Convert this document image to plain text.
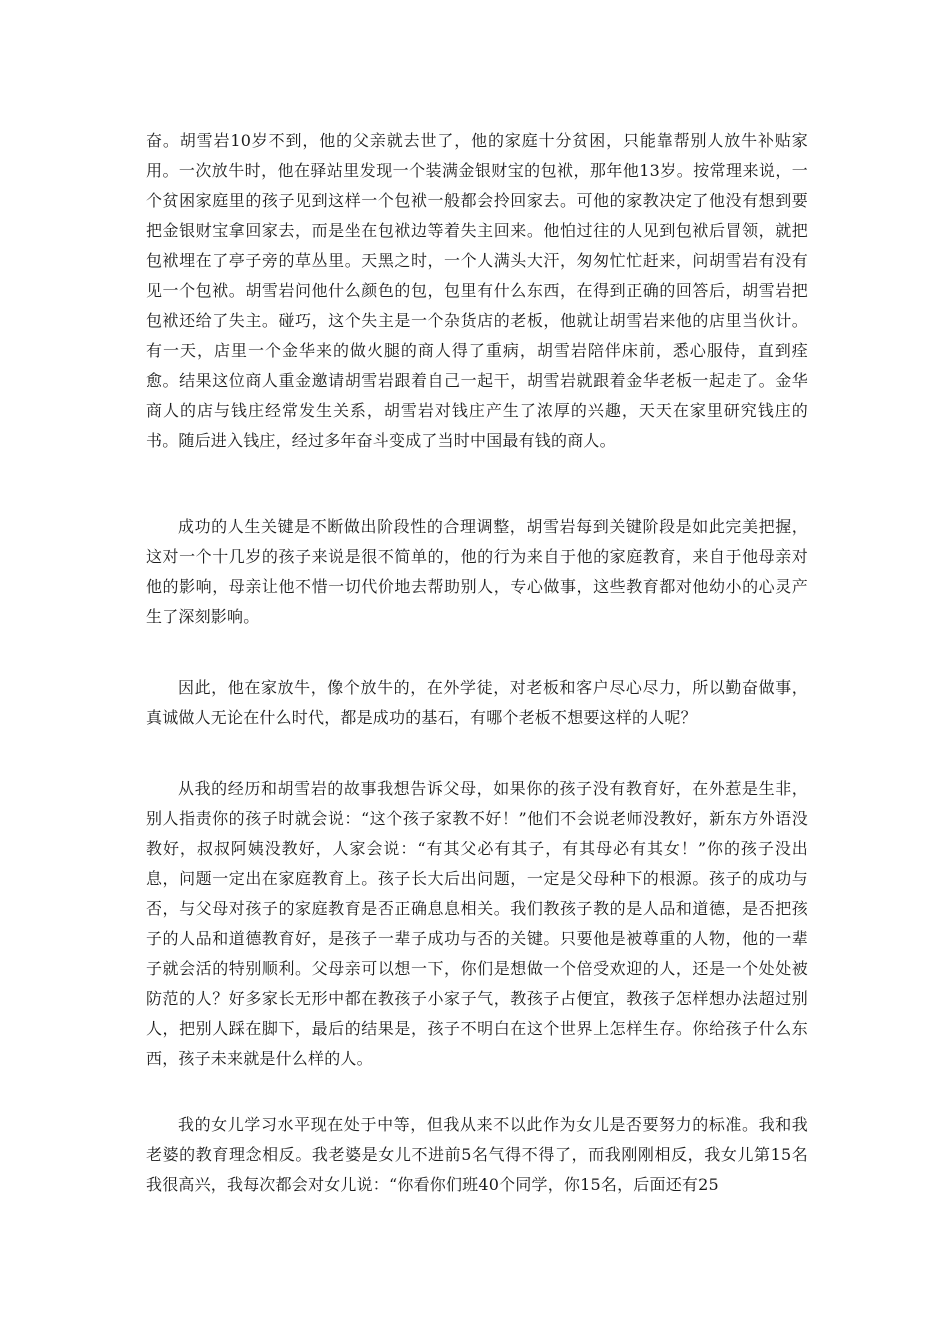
奋。胡雪岩10岁不到，他的父亲就去世了，他的家庭十分贫困，只能靠帮别人放牛补贴家用。一次放牛时，他在驿站里发现一个装满金银财宝的包袱，那年他13岁。按常理来说，一个贫困家庭里的孩子见到这样一个包袱一般都会拎回家去。可他的家教决定了他没有想到要把金银财宝拿回家去，而是坐在包袱边等着失主回来。他怕过往的人见到包袱后冒领，就把包袱埋在了亭子旁的草丛里。天黑之时，一个人满头大汗，匆匆忙忙赶来，问胡雪岩有没有见一个包袱。胡雪岩问他什么颜色的包，包里有什么东西，在得到正确的回答后，胡雪岩把包袱还给了失主。碰巧，这个失主是一个杂货店的老板，他就让胡雪岩来他的店里当伙计。有一天，店里一个金华来的做火腿的商人得了重病，胡雪岩陪伴床前，悉心服侍，直到痊愈。结果这位商人重金邀请胡雪岩跟着自己一起干，胡雪岩就跟着金华老板一起走了。金华商人的店与钱庄经常发生关系，胡雪岩对钱庄产生了浓厚的兴趣，天天在家里研究钱庄的书。随后进入钱庄，经过多年奋斗变成了当时中国最有钱的商人。

成功的人生关键是不断做出阶段性的合理调整，胡雪岩每到关键阶段是如此完美把握，这对一个十几岁的孩子来说是很不简单的，他的行为来自于他的家庭教育，来自于他母亲对他的影响，母亲让他不惜一切代价地去帮助别人，专心做事，这些教育都对他幼小的心灵产生了深刻影响。

因此，他在家放牛，像个放牛的，在外学徒，对老板和客户尽心尽力，所以勤奋做事，真诚做人无论在什么时代，都是成功的基石，有哪个老板不想要这样的人呢？

从我的经历和胡雪岩的故事我想告诉父母，如果你的孩子没有教育好，在外惹是生非，别人指责你的孩子时就会说：“这个孩子家教不好！”他们不会说老师没教好，新东方外语没教好，叔叔阿姨没教好，人家会说：“有其父必有其子，有其母必有其女！”你的孩子没出息，问题一定出在家庭教育上。孩子长大后出问题，一定是父母种下的根源。孩子的成功与否，与父母对孩子的家庭教育是否正确息息相关。我们教孩子教的是人品和道德，是否把孩子的人品和道德教育好，是孩子一辈子成功与否的关键。只要他是被尊重的人物，他的一辈子就会活的特别顺利。父母亲可以想一下，你们是想做一个倍受欢迎的人，还是一个处处被防范的人？好多家长无形中都在教孩子小家子气，教孩子占便宜，教孩子怎样想办法超过别人，把别人踩在脚下，最后的结果是，孩子不明白在这个世界上怎样生存。你给孩子什么东西，孩子未来就是什么样的人。

我的女儿学习水平现在处于中等，但我从来不以此作为女儿是否要努力的标准。我和我老婆的教育理念相反。我老婆是女儿不进前5名气得不得了，而我刚刚相反，我女儿第15名我很高兴，我每次都会对女儿说：“你看你们班40个同学，你15名，后面还有25
